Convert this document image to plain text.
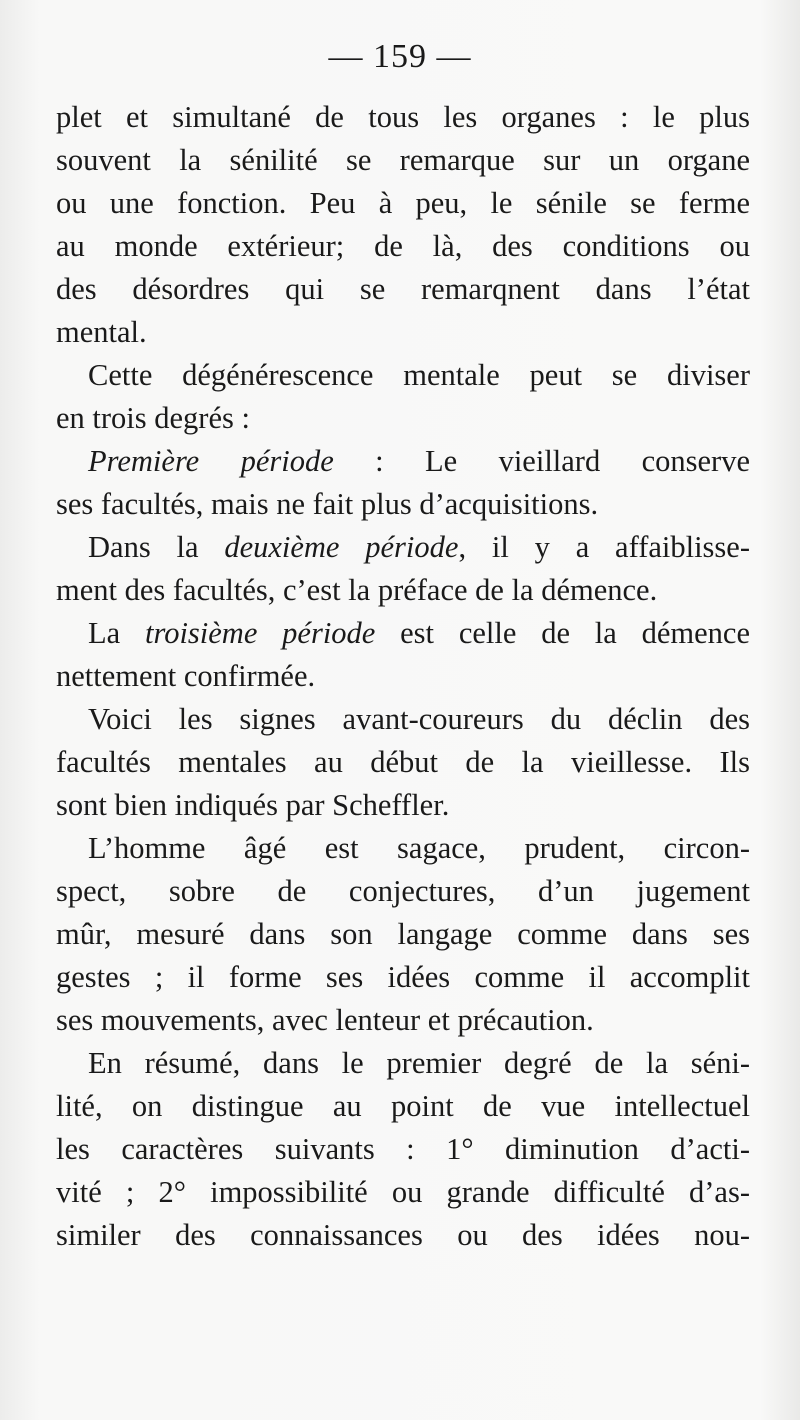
— 159 —
plet et simultané de tous les organes : le plus
souvent la sénilité se remarque sur un organe
ou une fonction. Peu à peu, le sénile se ferme
au monde extérieur; de là, des conditions ou
des désordres qui se remarqnent dans l’état
mental.
Cette dégénérescence mentale peut se diviser
en trois degrés :
Première période : Le vieillard conserve
ses facultés, mais ne fait plus d’acquisitions.
Dans la deuxième période, il y a affaiblisse-
ment des facultés, c’est la préface de la démence.
La troisième période est celle de la démence
nettement confirmée.
Voici les signes avant-coureurs du déclin des
facultés mentales au début de la vieillesse. Ils
sont bien indiqués par Scheffler.
L’homme âgé est sagace, prudent, circon-
spect, sobre de conjectures, d’un jugement
mûr, mesuré dans son langage comme dans ses
gestes ; il forme ses idées comme il accomplit
ses mouvements, avec lenteur et précaution.
En résumé, dans le premier degré de la séni-
lité, on distingue au point de vue intellectuel
les caractères suivants : 1° diminution d’acti-
vité ; 2° impossibilité ou grande difficulté d’as-
similer des connaissances ou des idées nou-
